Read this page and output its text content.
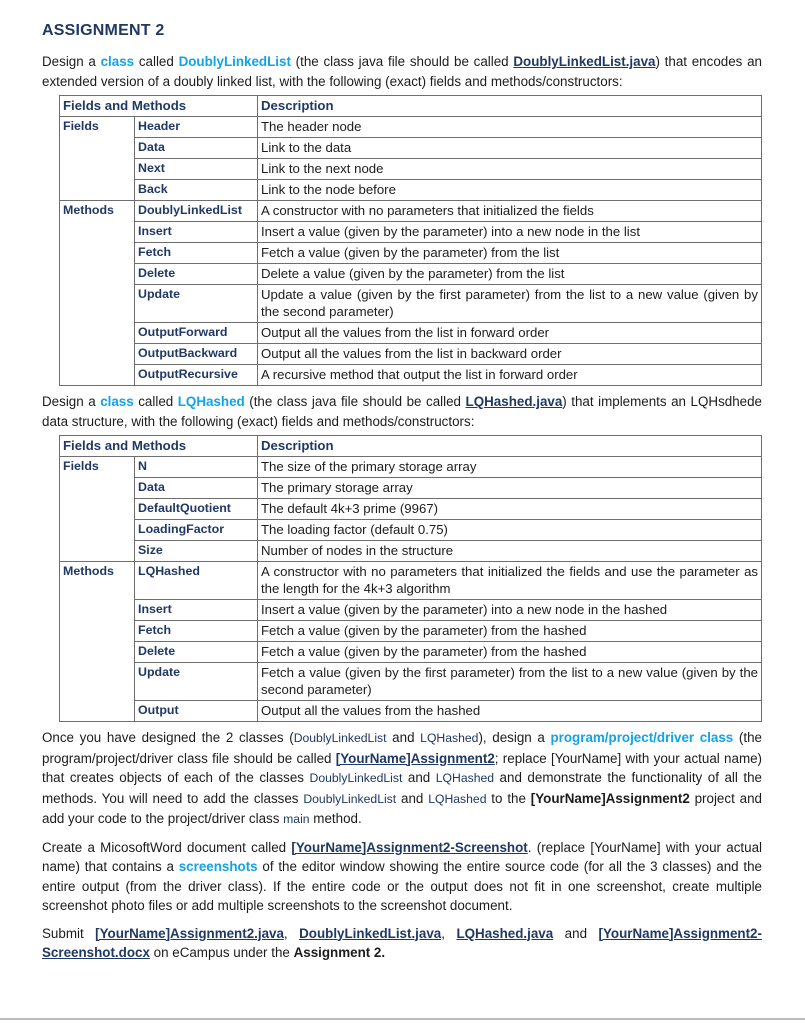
ASSIGNMENT 2

Design a class called DoublyLinkedList (the class java file should be called DoublyLinkedList.java) that encodes an extended version of a doubly linked list, with the following (exact) fields and methods/constructors:

Fields and Methods		Description
Fields	Header	The header node
	Data	Link to the data
	Next	Link to the next node
	Back	Link to the node before
Methods	DoublyLinkedList	A constructor with no parameters that initialized the fields
	Insert	Insert a value (given by the parameter) into a new node in the list
	Fetch	Fetch a value (given by the parameter) from the list
	Delete	Delete a value (given by the parameter) from the list
	Update	Update a value (given by the first parameter) from the list to a new value (given by the second parameter)
	OutputForward	Output all the values from the list in forward order
	OutputBackward	Output all the values from the list in backward order
	OutputRecursive	A recursive method that output the list in forward order

Design a class called LQHashed (the class java file should be called LQHashed.java) that implements an LQHsdhede data structure, with the following (exact) fields and methods/constructors:

Fields and Methods		Description
Fields	N	The size of the primary storage array
	Data	The primary storage array
	DefaultQuotient	The default 4k+3 prime (9967)
	LoadingFactor	The loading factor (default 0.75)
	Size	Number of nodes in the structure
Methods	LQHashed	A constructor with no parameters that initialized the fields and use the parameter as the length for the 4k+3 algorithm
	Insert	Insert a value (given by the parameter) into a new node in the hashed
	Fetch	Fetch a value (given by the parameter) from the hashed
	Delete	Fetch a value (given by the parameter) from the hashed
	Update	Fetch a value (given by the first parameter) from the list to a new value (given by the second parameter)
	Output	Output all the values from the hashed

Once you have designed the 2 classes (DoublyLinkedList and LQHashed), design a program/project/driver class (the program/project/driver class file should be called [YourName]Assignment2; replace [YourName] with your actual name) that creates objects of each of the classes DoublyLinkedList and LQHashed and demonstrate the functionality of all the methods. You will need to add the classes DoublyLinkedList and LQHashed to the [YourName]Assignment2 project and add your code to the project/driver class main method.

Create a MicosoftWord document called [YourName]Assignment2-Screenshot. (replace [YourName] with your actual name) that contains a screenshots of the editor window showing the entire source code (for all the 3 classes) and the entire output (from the driver class). If the entire code or the output does not fit in one screenshot, create multiple screenshot photo files or add multiple screenshots to the screenshot document.

Submit [YourName]Assignment2.java, DoublyLinkedList.java, LQHashed.java and [YourName]Assignment2-Screenshot.docx on eCampus under the Assignment 2.
